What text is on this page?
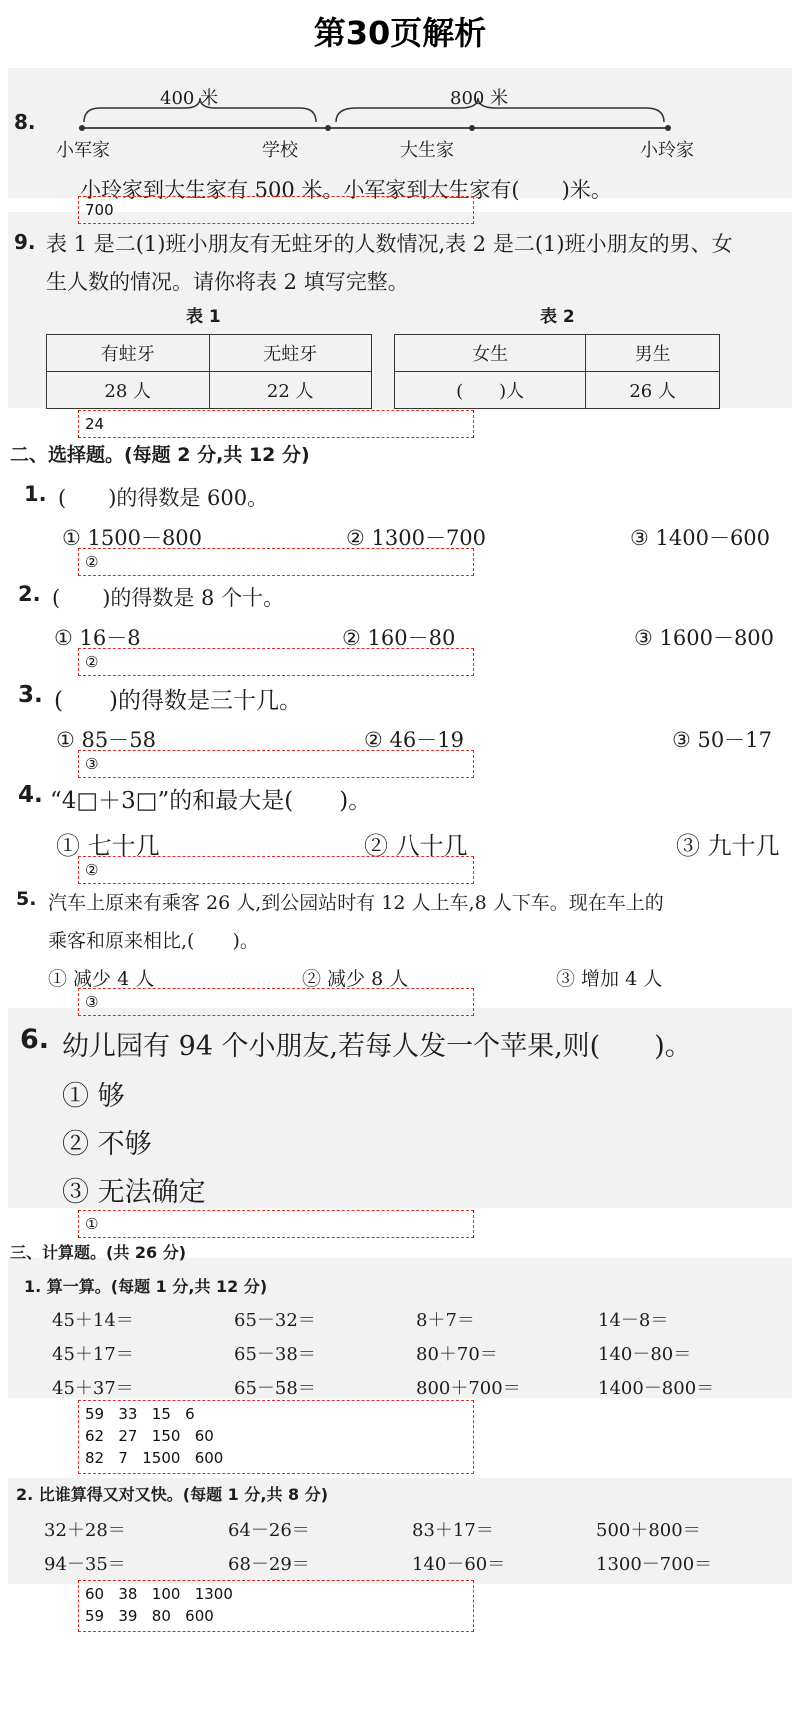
第30页解析
8.
400 米	800 米
小军家	学校	大生家	小玲家
小玲家到大生家有 500 米。小军家到大生家有(　　)米。
700
9. 表 1 是二(1)班小朋友有无蛀牙的人数情况,表 2 是二(1)班小朋友的男、女
生人数的情况。请你将表 2 填写完整。
表 1	表 2
有蛀牙	无蛀牙
28 人	22 人
女生	男生
(　　)人	26 人
24
二、选择题。(每题 2 分,共 12 分)
1. (　　)的得数是 600。
① 1500－800	② 1300－700	③ 1400－600
②
2. (　　)的得数是 8 个十。
① 16－8	② 160－80	③ 1600－800
②
3. (　　)的得数是三十几。
① 85－58	② 46－19	③ 50－17
③
4. “4□＋3□”的和最大是(　　)。
① 七十几	② 八十几	③ 九十几
②
5. 汽车上原来有乘客 26 人,到公园站时有 12 人上车,8 人下车。现在车上的
乘客和原来相比,(　　)。
① 减少 4 人	② 减少 8 人	③ 增加 4 人
③
6. 幼儿园有 94 个小朋友,若每人发一个苹果,则(　　)。
① 够
② 不够
③ 无法确定
①
三、计算题。(共 26 分)
1. 算一算。(每题 1 分,共 12 分)
45＋14＝	65－32＝	8＋7＝	14－8＝
45＋17＝	65－38＝	80＋70＝	140－80＝
45＋37＝	65－58＝	800＋700＝	1400－800＝
59   33   15   6
62   27   150   60
82   7   1500   600
2. 比谁算得又对又快。(每题 1 分,共 8 分)
32＋28＝	64－26＝	83＋17＝	500＋800＝
94－35＝	68－29＝	140－60＝	1300－700＝
60   38   100   1300
59   39   80   600
